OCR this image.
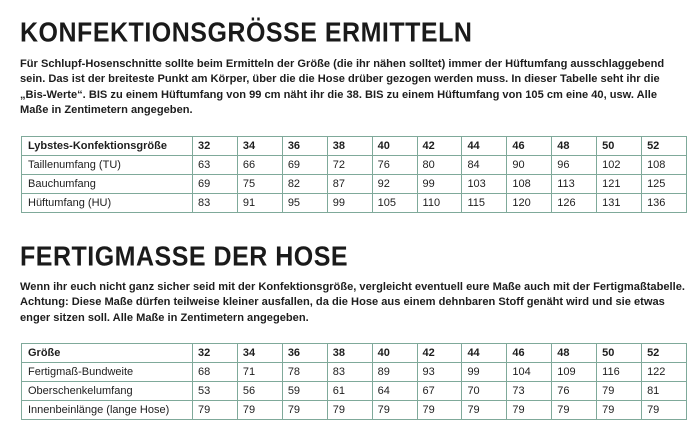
KONFEKTIONSGRÖSSE ERMITTELN

Für Schlupf-Hosenschnitte sollte beim Ermitteln der Größe (die ihr nähen solltet) immer der Hüftumfang ausschlaggebend sein. Das ist der breiteste Punkt am Körper, über die die Hose drüber gezogen werden muss. In dieser Tabelle seht ihr die „Bis-Werte“. BIS zu einem Hüftumfang von 99 cm näht ihr die 38. BIS zu einem Hüftumfang von 105 cm eine 40, usw. Alle Maße in Zentimetern angegeben.

Lybstes-Konfektionsgröße	32	34	36	38	40	42	44	46	48	50	52
Taillenumfang (TU)	63	66	69	72	76	80	84	90	96	102	108
Bauchumfang	69	75	82	87	92	99	103	108	113	121	125
Hüftumfang (HU)	83	91	95	99	105	110	115	120	126	131	136
FERTIGMASSE DER HOSE

Wenn ihr euch nicht ganz sicher seid mit der Konfektionsgröße, vergleicht eventuell eure Maße auch mit der Fertigmaßtabelle. Achtung: Diese Maße dürfen teilweise kleiner ausfallen, da die Hose aus einem dehnbaren Stoff genäht wird und sie etwas enger sitzen soll. Alle Maße in Zentimetern angegeben.

Größe	32	34	36	38	40	42	44	46	48	50	52
Fertigmaß-Bundweite	68	71	78	83	89	93	99	104	109	116	122
Oberschenkelumfang	53	56	59	61	64	67	70	73	76	79	81
Innenbeinlänge (lange Hose)	79	79	79	79	79	79	79	79	79	79	79
